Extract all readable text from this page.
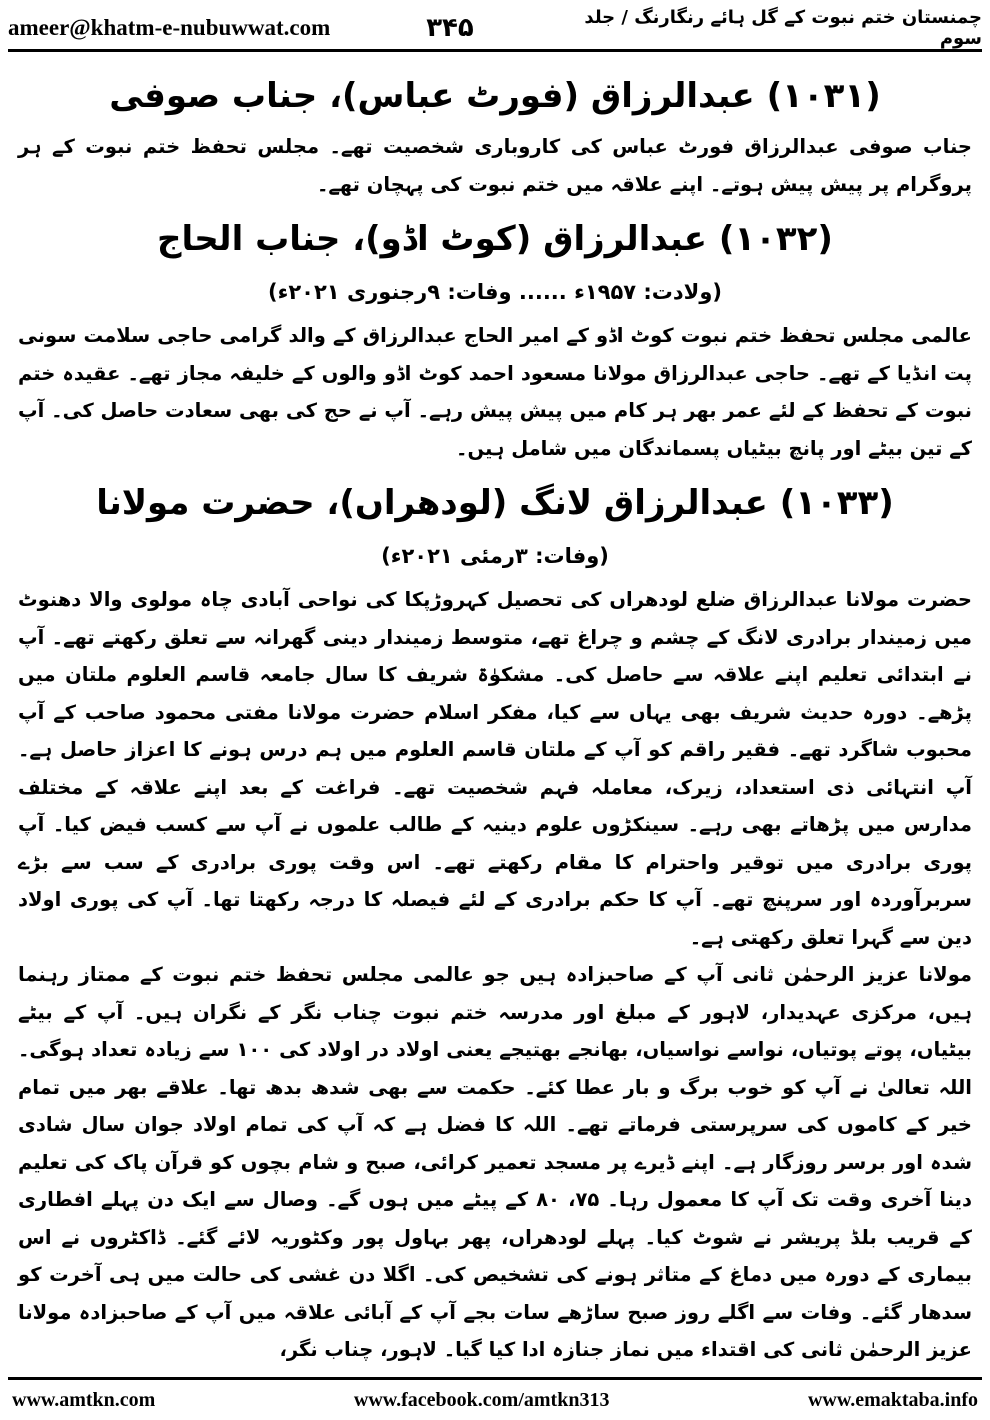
ameer@khatm-e-nubuwwat.com	۳۴۵	چمنستان ختم نبوت کے گل ہائے رنگارنگ / جلد سوم
(۱۰۳۱) عبدالرزاق (فورٹ عباس)، جناب صوفی

جناب صوفی عبدالرزاق فورٹ عباس کی کاروباری شخصیت تھے۔ مجلس تحفظ ختم نبوت کے ہر پروگرام پر پیش پیش ہوتے۔ اپنے علاقہ میں ختم نبوت کی پہچان تھے۔

(۱۰۳۲) عبدالرزاق (کوٹ اڈو)، جناب الحاج
(ولادت: ۱۹۵۷ء ...... وفات: ۹رجنوری ۲۰۲۱ء)

عالمی مجلس تحفظ ختم نبوت کوٹ اڈو کے امیر الحاج عبدالرزاق کے والد گرامی حاجی سلامت سونی پت انڈیا کے تھے۔ حاجی عبدالرزاق مولانا مسعود احمد کوٹ اڈو والوں کے خلیفہ مجاز تھے۔ عقیدہ ختم نبوت کے تحفظ کے لئے عمر بھر ہر کام میں پیش پیش رہے۔ آپ نے حج کی بھی سعادت حاصل کی۔ آپ کے تین بیٹے اور پانچ بیٹیاں پسماندگان میں شامل ہیں۔

(۱۰۳۳) عبدالرزاق لانگ (لودھراں)، حضرت مولانا
(وفات: ۳رمئی ۲۰۲۱ء)

حضرت مولانا عبدالرزاق ضلع لودھراں کی تحصیل کہروڑپکا کی نواحی آبادی چاہ مولوی والا دھنوٹ میں زمیندار برادری لانگ کے چشم و چراغ تھے، متوسط زمیندار دینی گھرانہ سے تعلق رکھتے تھے۔ آپ نے ابتدائی تعلیم اپنے علاقہ سے حاصل کی۔ مشکوٰۃ شریف کا سال جامعہ قاسم العلوم ملتان میں پڑھے۔ دورہ حدیث شریف بھی یہاں سے کیا، مفکر اسلام حضرت مولانا مفتی محمود صاحب کے آپ محبوب شاگرد تھے۔ فقیر راقم کو آپ کے ملتان قاسم العلوم میں ہم درس ہونے کا اعزاز حاصل ہے۔ آپ انتہائی ذی استعداد، زیرک، معاملہ فہم شخصیت تھے۔ فراغت کے بعد اپنے علاقہ کے مختلف مدارس میں پڑھاتے بھی رہے۔ سینکڑوں علوم دینیہ کے طالب علموں نے آپ سے کسب فیض کیا۔ آپ پوری برادری میں توقیر واحترام کا مقام رکھتے تھے۔ اس وقت پوری برادری کے سب سے بڑے سربرآوردہ اور سرپنچ تھے۔ آپ کا حکم برادری کے لئے فیصلہ کا درجہ رکھتا تھا۔ آپ کی پوری اولاد دین سے گہرا تعلق رکھتی ہے۔

مولانا عزیز الرحمٰن ثانی آپ کے صاحبزادہ ہیں جو عالمی مجلس تحفظ ختم نبوت کے ممتاز رہنما ہیں، مرکزی عہدیدار، لاہور کے مبلغ اور مدرسہ ختم نبوت چناب نگر کے نگران ہیں۔ آپ کے بیٹے بیٹیاں، پوتے پوتیاں، نواسے نواسیاں، بھانجے بھتیجے یعنی اولاد در اولاد کی ۱۰۰ سے زیادہ تعداد ہوگی۔ اللہ تعالیٰ نے آپ کو خوب برگ و بار عطا کئے۔ حکمت سے بھی شدھ بدھ تھا۔ علاقے بھر میں تمام خیر کے کاموں کی سرپرستی فرماتے تھے۔ اللہ کا فضل ہے کہ آپ کی تمام اولاد جوان سال شادی شدہ اور برسر روزگار ہے۔ اپنے ڈیرے پر مسجد تعمیر کرائی، صبح و شام بچوں کو قرآن پاک کی تعلیم دینا آخری وقت تک آپ کا معمول رہا۔ ۷۵، ۸۰ کے پیٹے میں ہوں گے۔ وصال سے ایک دن پہلے افطاری کے قریب بلڈ پریشر نے شوٹ کیا۔ پہلے لودھراں، پھر بہاول پور وکٹوریہ لائے گئے۔ ڈاکٹروں نے اس بیماری کے دورہ میں دماغ کے متاثر ہونے کی تشخیص کی۔ اگلا دن غشی کی حالت میں ہی آخرت کو سدھار گئے۔ وفات سے اگلے روز صبح ساڑھے سات بجے آپ کے آبائی علاقہ میں آپ کے صاحبزادہ مولانا عزیز الرحمٰن ثانی کی اقتداء میں نماز جنازہ ادا کیا گیا۔ لاہور، چناب نگر،

www.amtkn.com	www.facebook.com/amtkn313	www.emaktaba.info
